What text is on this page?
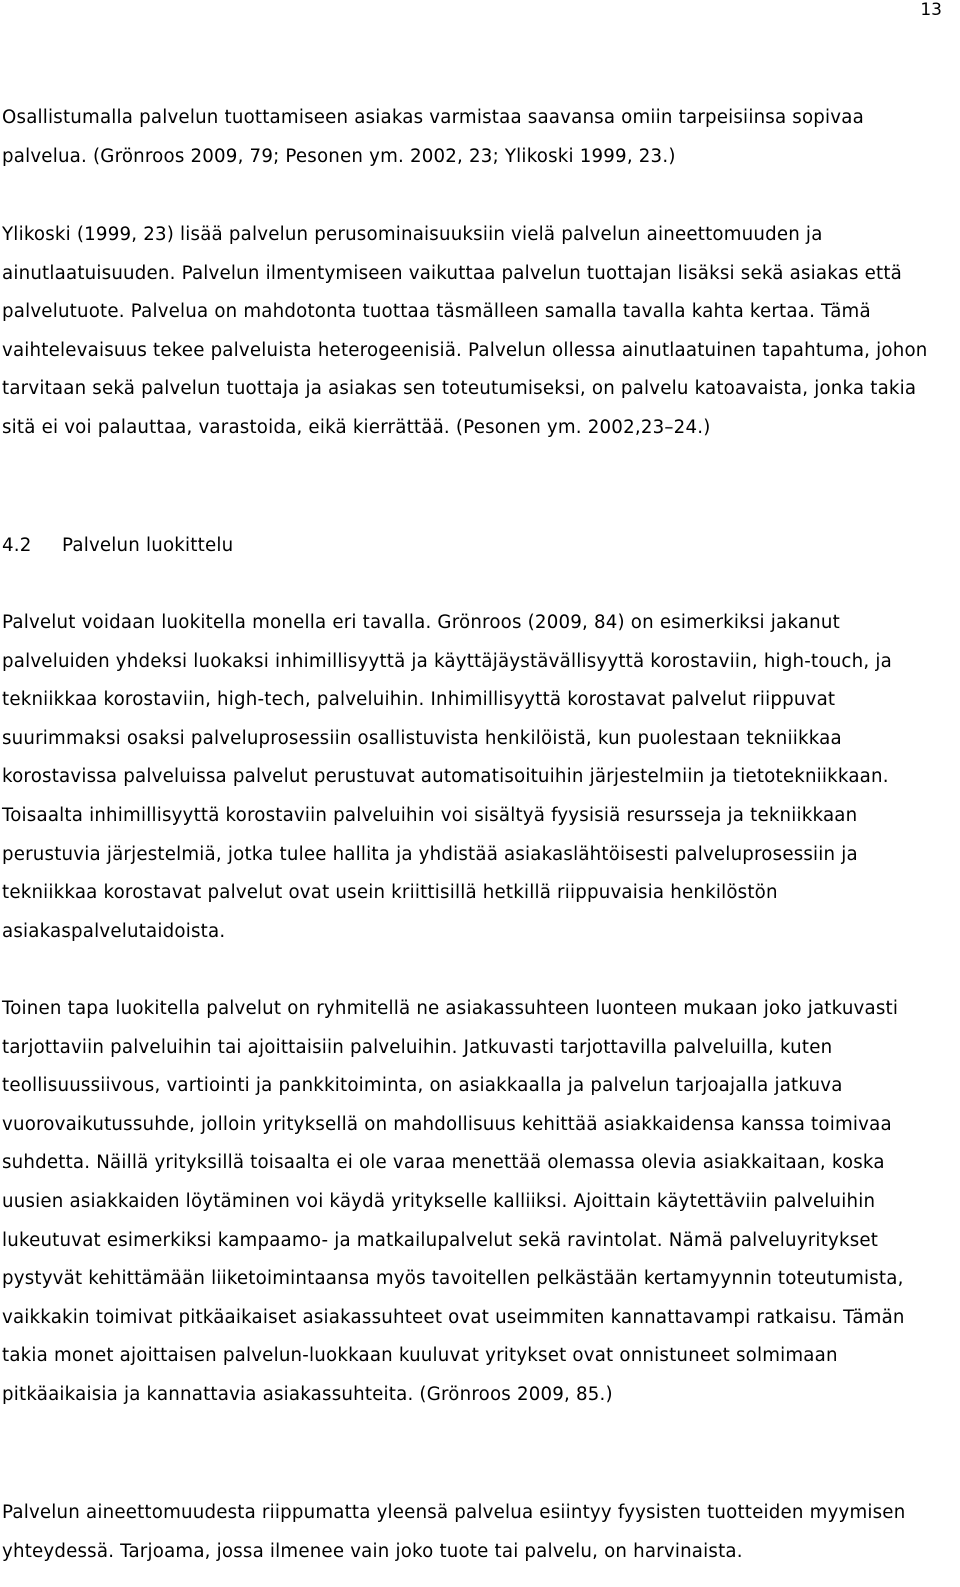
13

Osallistumalla palvelun tuottamiseen asiakas varmistaa saavansa omiin tarpeisiinsa sopivaa palvelua. (Grönroos 2009, 79; Pesonen ym. 2002, 23; Ylikoski 1999, 23.)

Ylikoski (1999, 23) lisää palvelun perusominaisuuksiin vielä palvelun aineettomuuden ja ainutlaatuisuuden. Palvelun ilmentymiseen vaikuttaa palvelun tuottajan lisäksi sekä asiakas että palvelutuote. Palvelua on mahdotonta tuottaa täsmälleen samalla tavalla kahta kertaa. Tämä vaihtelevaisuus tekee palveluista heterogeenisiä. Palvelun ollessa ainutlaatuinen tapahtuma, johon tarvitaan sekä palvelun tuottaja ja asiakas sen toteutumiseksi, on palvelu katoavaista, jonka takia sitä ei voi palauttaa, varastoida, eikä kierrättää. (Pesonen ym. 2002,23–24.)

4.2 Palvelun luokittelu

Palvelut voidaan luokitella monella eri tavalla. Grönroos (2009, 84) on esimerkiksi jakanut palveluiden yhdeksi luokaksi inhimillisyyttä ja käyttäjäystävällisyyttä korostaviin, high-touch, ja tekniikkaa korostaviin, high-tech, palveluihin. Inhimillisyyttä korostavat palvelut riippuvat suurimmaksi osaksi palveluprosessiin osallistuvista henkilöistä, kun puolestaan tekniikkaa korostavissa palveluissa palvelut perustuvat automatisoituihin järjestelmiin ja tietotekniikkaan. Toisaalta inhimillisyyttä korostaviin palveluihin voi sisältyä fyysisiä resursseja ja tekniikkaan perustuvia järjestelmiä, jotka tulee hallita ja yhdistää asiakaslähtöisesti palveluprosessiin ja tekniikkaa korostavat palvelut ovat usein kriittisillä hetkillä riippuvaisia henkilöstön asiakaspalvelutaidoista.

Toinen tapa luokitella palvelut on ryhmitellä ne asiakassuhteen luonteen mukaan joko jatkuvasti tarjottaviin palveluihin tai ajoittaisiin palveluihin. Jatkuvasti tarjottavilla palveluilla, kuten teollisuussiivous, vartiointi ja pankkitoiminta, on asiakkaalla ja palvelun tarjoajalla jatkuva vuorovaikutussuhde, jolloin yrityksellä on mahdollisuus kehittää asiakkaidensa kanssa toimivaa suhdetta. Näillä yrityksillä toisaalta ei ole varaa menettää olemassa olevia asiakkaitaan, koska uusien asiakkaiden löytäminen voi käydä yritykselle kalliiksi. Ajoittain käytettäviin palveluihin lukeutuvat esimerkiksi kampaamo- ja matkailupalvelut sekä ravintolat. Nämä palveluyritykset pystyvät kehittämään liiketoimintaansa myös tavoitellen pelkästään kertamyynnin toteutumista, vaikkakin toimivat pitkäaikaiset asiakassuhteet ovat useimmiten kannattavampi ratkaisu. Tämän takia monet ajoittaisen palvelun-luokkaan kuuluvat yritykset ovat onnistuneet solmimaan pitkäaikaisia ja kannattavia asiakassuhteita. (Grönroos 2009, 85.)

Palvelun aineettomuudesta riippumatta yleensä palvelua esiintyy fyysisten tuotteiden myymisen yhteydessä. Tarjoama, jossa ilmenee vain joko tuote tai palvelu, on harvinaista.
